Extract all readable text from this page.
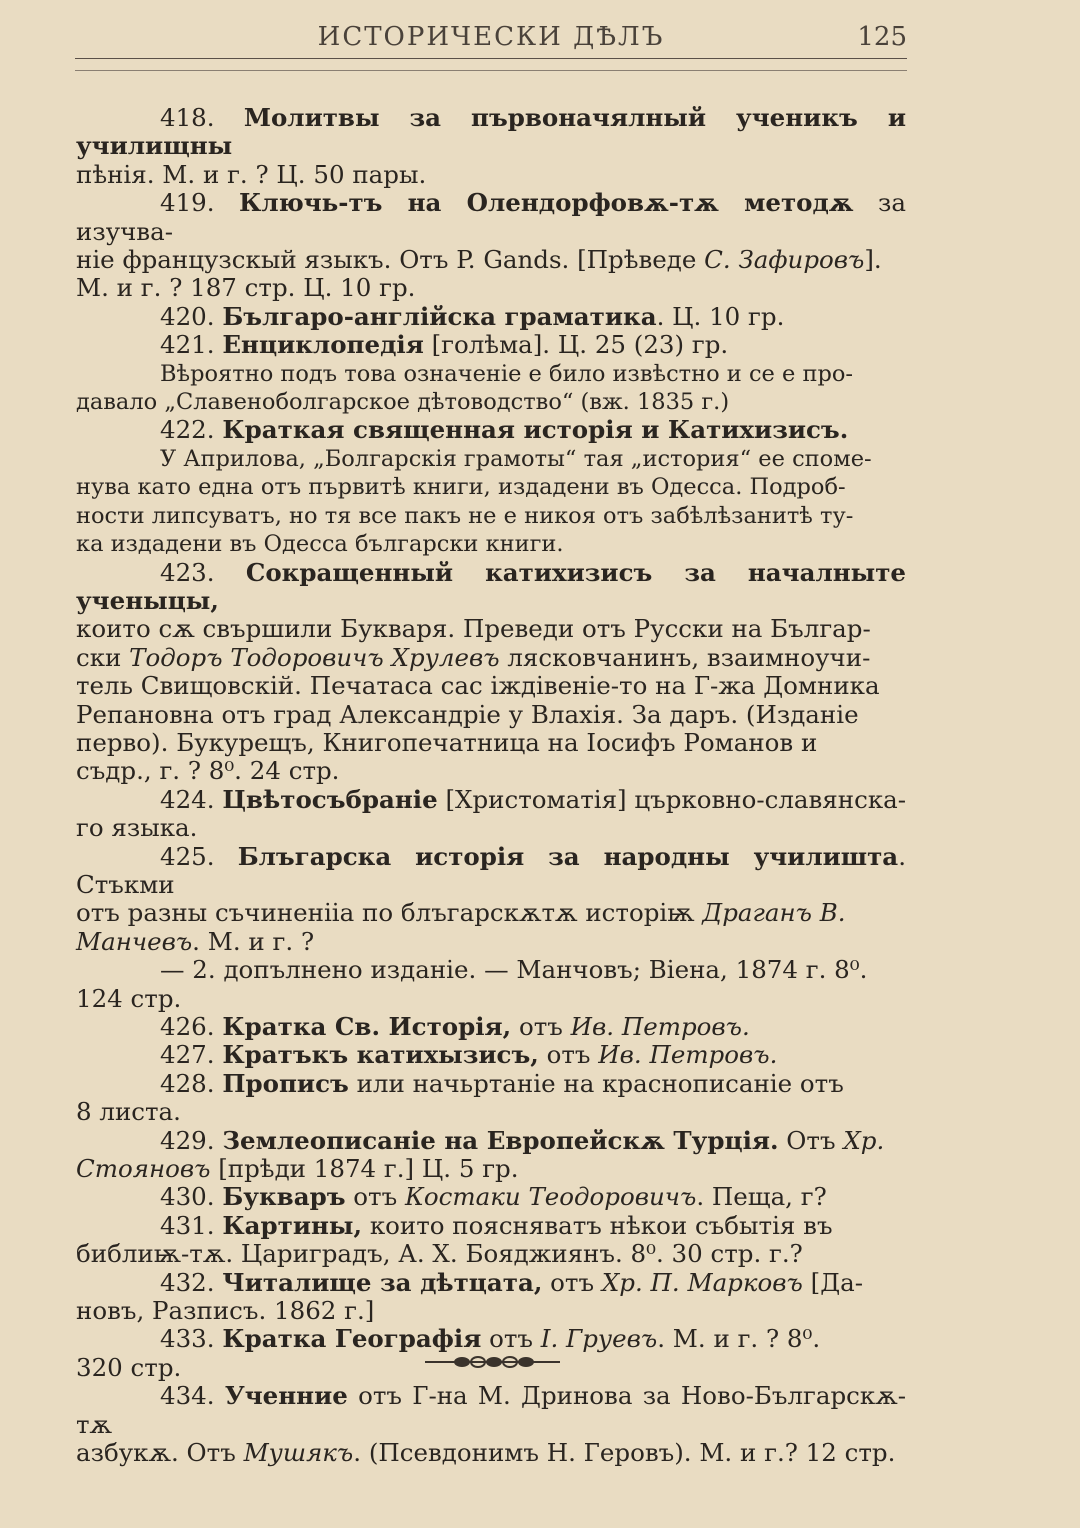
ИСТОРИЧЕСКИ ДѢЛЪ	125

418. Молитвы за първоначялный ученикъ и училищны

пѣнія. М. и г. ? Ц. 50 пары.

419. Ключь-тъ на Олендорфовѫ-тѫ методѫ за изучва-

ніе французскый языкъ. Отъ P. Gands. [Прѣведе С. Зафировъ].

М. и г. ? 187 стр. Ц. 10 гр.

420. Българо-англійска граматика. Ц. 10 гр.

421. Енциклопедія [голѣма]. Ц. 25 (23) гр.

Вѣроятно подъ това означеніе е било извѣстно и се е про-

давало „Славеноболгарское дѣтоводство“ (вж. 1835 г.)

422. Краткая священная исторія и Катихизисъ.

У Априлова, „Болгарскія грамоты“ тая „история“ ее споме-

нува като една отъ първитѣ книги, издадени въ Одесса. Подроб-

ности липсуватъ, но тя все пакъ не е никоя отъ забѣлѣзанитѣ ту-

ка издадени въ Одесса български книги.

423. Сокращенный катихизисъ за началныте ученыцы,

които сѫ свършили Букваря. Преведи отъ Русски на Българ-

ски Тодоръ Тодоровичъ Хрулевъ лясковчанинъ, взаимноучи-

тель Свищовскій. Печатаса сас іждівеніе-то на Г-жа Домника

Репановна отъ град Александріе у Влахія. За даръ. (Изданіе

перво). Букурещъ, Книгопечатница на Іосифъ Романов и

съдр., г. ? 8⁰. 24 стр.

424. Цвѣтосъбраніе [Христоматія] църковно-славянска-

го языка.

425. Блъгарска исторія за народны училишта. Стъкми

отъ разны съчиненііа по блъгарскѫтѫ исторіѭ Драганъ В.

Манчевъ. М. и г. ?

— 2. допълнено изданіе. — Манчовъ; Віена, 1874 г. 8⁰.

124 стр.

426. Кратка Св. Исторія, отъ Ив. Петровъ.

427. Кратъкъ катихызисъ, отъ Ив. Петровъ.

428. Прописъ или начьртаніе на краснописаніе отъ

8 листа.

429. Землеописаніе на Европейскѫ Турція. Отъ Хр.

Стояновъ [прѣди 1874 г.] Ц. 5 гр.

430. Букваръ отъ Костаки Теодоровичъ. Пеща, г?

431. Картины, които поясняватъ нѣкои събытія въ

библиѭ-тѫ. Цариградъ, А. Х. Бояджиянъ. 8⁰. 30 стр. г.?

432. Читалище за дѣтцата, отъ Хр. П. Марковъ [Да-

новъ, Разписъ. 1862 г.]

433. Кратка Географія отъ І. Груевъ. М. и г. ? 8⁰.

320 стр.

434. Ученние отъ Г-на М. Дринова за Ново-Българскѫ-тѫ

азбукѫ. Отъ Мушякъ. (Псевдонимъ Н. Геровъ). М. и г.? 12 стр.
